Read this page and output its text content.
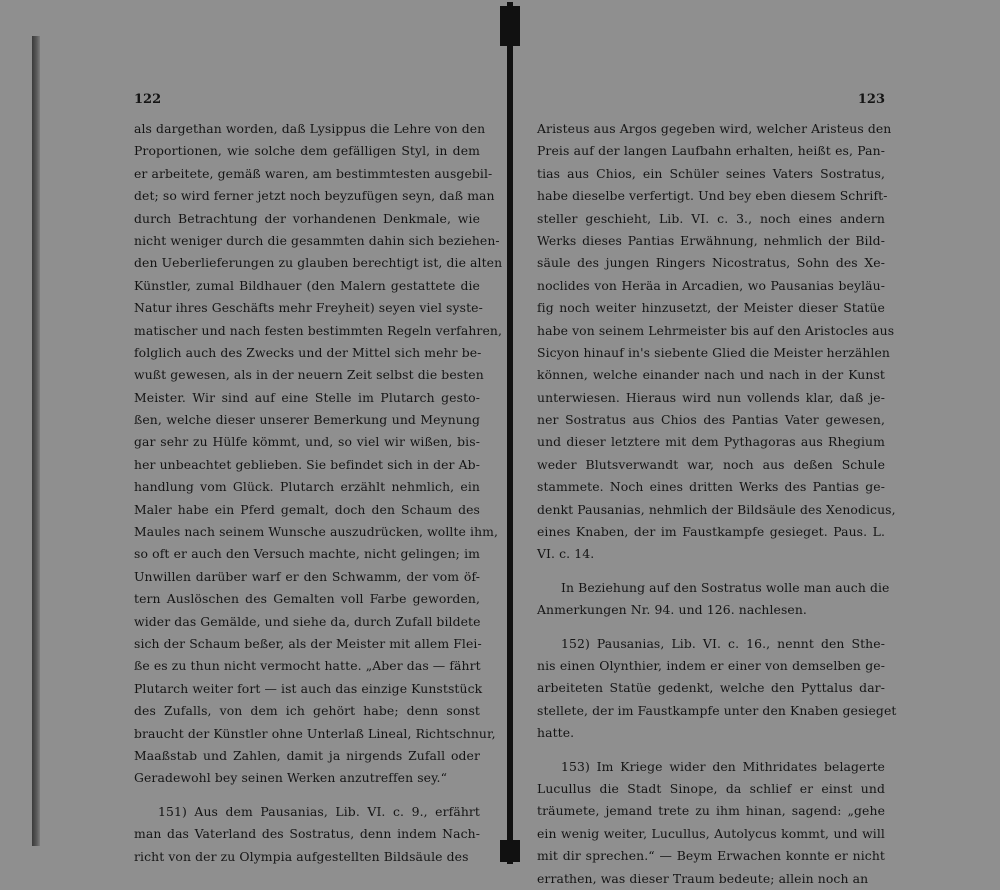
122
als dargethan worden, daß Lysippus die Lehre von den
Proportionen, wie solche dem gefälligen Styl, in dem
er arbeitete, gemäß waren, am bestimmtesten ausgebil-
det; so wird ferner jetzt noch beyzufügen seyn, daß man
durch Betrachtung der vorhandenen Denkmale, wie
nicht weniger durch die gesammten dahin sich beziehen-
den Ueberlieferungen zu glauben berechtigt ist, die alten
Künstler, zumal Bildhauer (den Malern gestattete die
Natur ihres Geschäfts mehr Freyheit) seyen viel syste-
matischer und nach festen bestimmten Regeln verfahren,
folglich auch des Zwecks und der Mittel sich mehr be-
wußt gewesen, als in der neuern Zeit selbst die besten
Meister. Wir sind auf eine Stelle im Plutarch gesto-
ßen, welche dieser unserer Bemerkung und Meynung
gar sehr zu Hülfe kömmt, und, so viel wir wißen, bis-
her unbeachtet geblieben. Sie befindet sich in der Ab-
handlung vom Glück. Plutarch erzählt nehmlich, ein
Maler habe ein Pferd gemalt, doch den Schaum des
Maules nach seinem Wunsche auszudrücken, wollte ihm,
so oft er auch den Versuch machte, nicht gelingen; im
Unwillen darüber warf er den Schwamm, der vom öf-
tern Auslöschen des Gemalten voll Farbe geworden,
wider das Gemälde, und siehe da, durch Zufall bildete
sich der Schaum beßer, als der Meister mit allem Flei-
ße es zu thun nicht vermocht hatte. „Aber das — fährt
Plutarch weiter fort — ist auch das einzige Kunststück
des Zufalls, von dem ich gehört habe; denn sonst
braucht der Künstler ohne Unterlaß Lineal, Richtschnur,
Maaßstab und Zahlen, damit ja nirgends Zufall oder
Geradewohl bey seinen Werken anzutreffen sey.“
151) Aus dem Pausanias, Lib. VI. c. 9., erfährt
man das Vaterland des Sostratus, denn indem Nach-
richt von der zu Olympia aufgestellten Bildsäule des
123
Aristeus aus Argos gegeben wird, welcher Aristeus den
Preis auf der langen Laufbahn erhalten, heißt es, Pan-
tias aus Chios, ein Schüler seines Vaters Sostratus,
habe dieselbe verfertigt. Und bey eben diesem Schrift-
steller geschieht, Lib. VI. c. 3., noch eines andern
Werks dieses Pantias Erwähnung, nehmlich der Bild-
säule des jungen Ringers Nicostratus, Sohn des Xe-
noclides von Heräa in Arcadien, wo Pausanias beyläu-
fig noch weiter hinzusetzt, der Meister dieser Statüe
habe von seinem Lehrmeister bis auf den Aristocles aus
Sicyon hinauf in's siebente Glied die Meister herzählen
können, welche einander nach und nach in der Kunst
unterwiesen. Hieraus wird nun vollends klar, daß je-
ner Sostratus aus Chios des Pantias Vater gewesen,
und dieser letztere mit dem Pythagoras aus Rhegium
weder Blutsverwandt war, noch aus deßen Schule
stammete. Noch eines dritten Werks des Pantias ge-
denkt Pausanias, nehmlich der Bildsäule des Xenodicus,
eines Knaben, der im Faustkampfe gesieget. Paus. L.
VI. c. 14.
In Beziehung auf den Sostratus wolle man auch die
Anmerkungen Nr. 94. und 126. nachlesen.
152) Pausanias, Lib. VI. c. 16., nennt den Sthe-
nis einen Olynthier, indem er einer von demselben ge-
arbeiteten Statüe gedenkt, welche den Pyttalus dar-
stellete, der im Faustkampfe unter den Knaben gesieget
hatte.
153) Im Kriege wider den Mithridates belagerte
Lucullus die Stadt Sinope, da schlief er einst und
träumete, jemand trete zu ihm hinan, sagend: „gehe
ein wenig weiter, Lucullus, Autolycus kommt, und will
mit dir sprechen.“ — Beym Erwachen konnte er nicht
errathen, was dieser Traum bedeute; allein noch an
